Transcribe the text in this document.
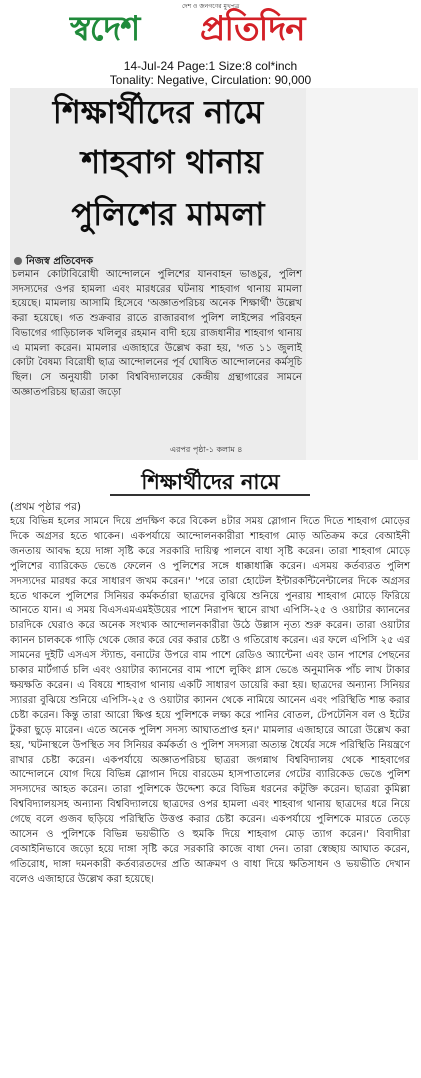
দেশ ও জনগণের মুখপত্র
স্বদেশ প্রতিদিন
14-Jul-24 Page:1 Size:8 col*inch
Tonality: Negative, Circulation: 90,000
শিক্ষার্থীদের নামে
শাহবাগ থানায়
পুলিশের মামলা
নিজস্ব প্রতিবেদক
চলমান কোটাবিরোধী আন্দোলনে পুলিশের যানবাহন ভাঙচুর, পুলিশ সদস্যদের ওপর হামলা এবং মারধরের ঘটনায় শাহবাগ থানায় মামলা হয়েছে। মামলায় আসামি হিসেবে 'অজ্ঞাতপরিচয় অনেক শিক্ষার্থী' উল্লেখ করা হয়েছে। গত শুক্রবার রাতে রাজারবাগ পুলিশ লাইন্সের পরিবহন বিভাগের গাড়িচালক খলিলুর রহমান বাদী হয়ে রাজধানীর শাহবাগ থানায় এ মামলা করেন। মামলার এজাহারে উল্লেখ করা হয়, 'গত ১১ জুলাই কোটা বৈষম্য বিরোধী ছাত্র আন্দোলনের পূর্ব ঘোষিত আন্দোলনের কর্মসূচি ছিল। সে অনুযায়ী ঢাকা বিশ্ববিদ্যালয়ের কেন্দ্রীয় গ্রন্থাগারের সামনে অজ্ঞাতপরিচয় ছাত্ররা জড়ো
এরপর পৃষ্ঠা-১ কলাম ৪
শিক্ষার্থীদের নামে
(প্রথম পৃষ্ঠার পর)
হয়ে বিভিন্ন হলের সামনে দিয়ে প্রদক্ষিণ করে বিকেল ৪টার সময় স্লোগান দিতে দিতে শাহবাগ মোড়ের দিকে অগ্রসর হতে থাকেন। একপর্যায়ে আন্দোলনকারীরা শাহবাগ মোড় অতিক্রম করে বেআইনী জনতায় আবদ্ধ হয়ে দাঙ্গা সৃষ্টি করে সরকারি দায়িত্ব পালনে বাধা সৃষ্টি করেন। তারা শাহবাগ মোড়ে পুলিশের ব্যারিকেড ভেঙে ফেলেন ও পুলিশের সঙ্গে ধাক্কাধাক্কি করেন। এসময় কর্তব্যরত পুলিশ সদস্যদের মারধর করে সাধারণ জখম করেন।' 'পরে তারা হোটেল ইন্টারকন্টিনেন্টালের দিকে অগ্রসর হতে থাকলে পুলিশের সিনিয়র কর্মকর্তারা ছাত্রদের বুঝিয়ে শুনিয়ে পুনরায় শাহবাগ মোড়ে ফিরিয়ে আনতে যান। এ সময় বিএসএমএমইউয়ের পাশে নিরাপদ স্থানে রাখা এপিসি-২৫ ও ওয়াটার ক্যাননের চারদিকে ঘেরাও করে অনেক সংখ্যক আন্দোলনকারীরা উঠে উল্লাস নৃত্য শুরু করেন। তারা ওয়াটার ক্যানন চালককে গাড়ি থেকে জোর করে বের করার চেষ্টা ও গতিরোধ করেন। এর ফলে এপিসি ২৫ এর সামনের দুইটি এসএস স্ট্যান্ড, বনাটের উপরে বাম পাশে রেডিও অ্যান্টেনা এবং ডান পাশের পেছনের চাকার মার্টগার্ড চলি এবং ওয়াটার ক্যাননের বাম পাশে লুকিং গ্লাস ভেঙে অনুমানিক পাঁচ লাখ টাকার ক্ষয়ক্ষতি করেন। এ বিষয়ে শাহবাগ থানায় একটি সাধারণ ডায়েরি করা হয়। ছাত্রদের অন্যান্য সিনিয়র স্যাররা বুঝিয়ে শুনিয়ে এপিসি-২৫ ও ওয়াটার ক্যানন থেকে নামিয়ে আনেন এবং পরিস্থিতি শান্ত করার চেষ্টা করেন। কিন্তু তারা আরো ক্ষিপ্ত হয়ে পুলিশকে লক্ষ্য করে পানির বোতল, টেপটেনিস বল ও ইটের টুকরা ছুড়ে মারেন। এতে অনেক পুলিশ সদস্য আঘাতপ্রাপ্ত হন।' মামলার এজাহারে আরো উল্লেখ করা হয়, 'ঘটনাস্থলে উপস্থিত সব সিনিয়র কর্মকর্তা ও পুলিশ সদস্যরা অত্যন্ত ধৈর্যের সঙ্গে পরিস্থিতি নিয়ন্ত্রণে রাখার চেষ্টা করেন। একপর্যায়ে অজ্ঞাতপরিচয় ছাত্ররা জগন্নাথ বিশ্ববিদ্যালয় থেকে শাহবাগের আন্দোলনে যোগ দিয়ে বিভিন্ন স্লোগান দিয়ে বারডেম হাসপাতালের গেটের ব্যারিকেড ভেঙে পুলিশ সদস্যদের আহত করেন। তারা পুলিশকে উদ্দেশ্য করে বিভিন্ন ধরনের কটূক্তি করেন। ছাত্ররা কুমিল্লা বিশ্ববিদ্যালয়সহ অন্যান্য বিশ্ববিদ্যালয়ে ছাত্রদের ওপর হামলা এবং শাহবাগ থানায় ছাত্রদের ধরে নিয়ে গেছে বলে গুজব ছড়িয়ে পরিস্থিতি উত্তপ্ত করার চেষ্টা করেন। একপর্যায়ে পুলিশকে মারতে তেড়ে আসেন ও পুলিশকে বিভিন্ন ভয়ভীতি ও হুমকি দিয়ে শাহবাগ মোড় ত্যাগ করেন।' বিবাদীরা বেআইনিভাবে জড়ো হয়ে দাঙ্গা সৃষ্টি করে সরকারি কাজে বাধা দেন। তারা স্বেচ্ছায় আঘাত করেন, গতিরোধ, দাঙ্গা দমনকারী কর্তব্যরতদের প্রতি আক্রমণ ও বাধা দিয়ে ক্ষতিসাধন ও ভয়ভীতি দেখান বলেও এজাহারে উল্লেখ করা হয়েছে।
